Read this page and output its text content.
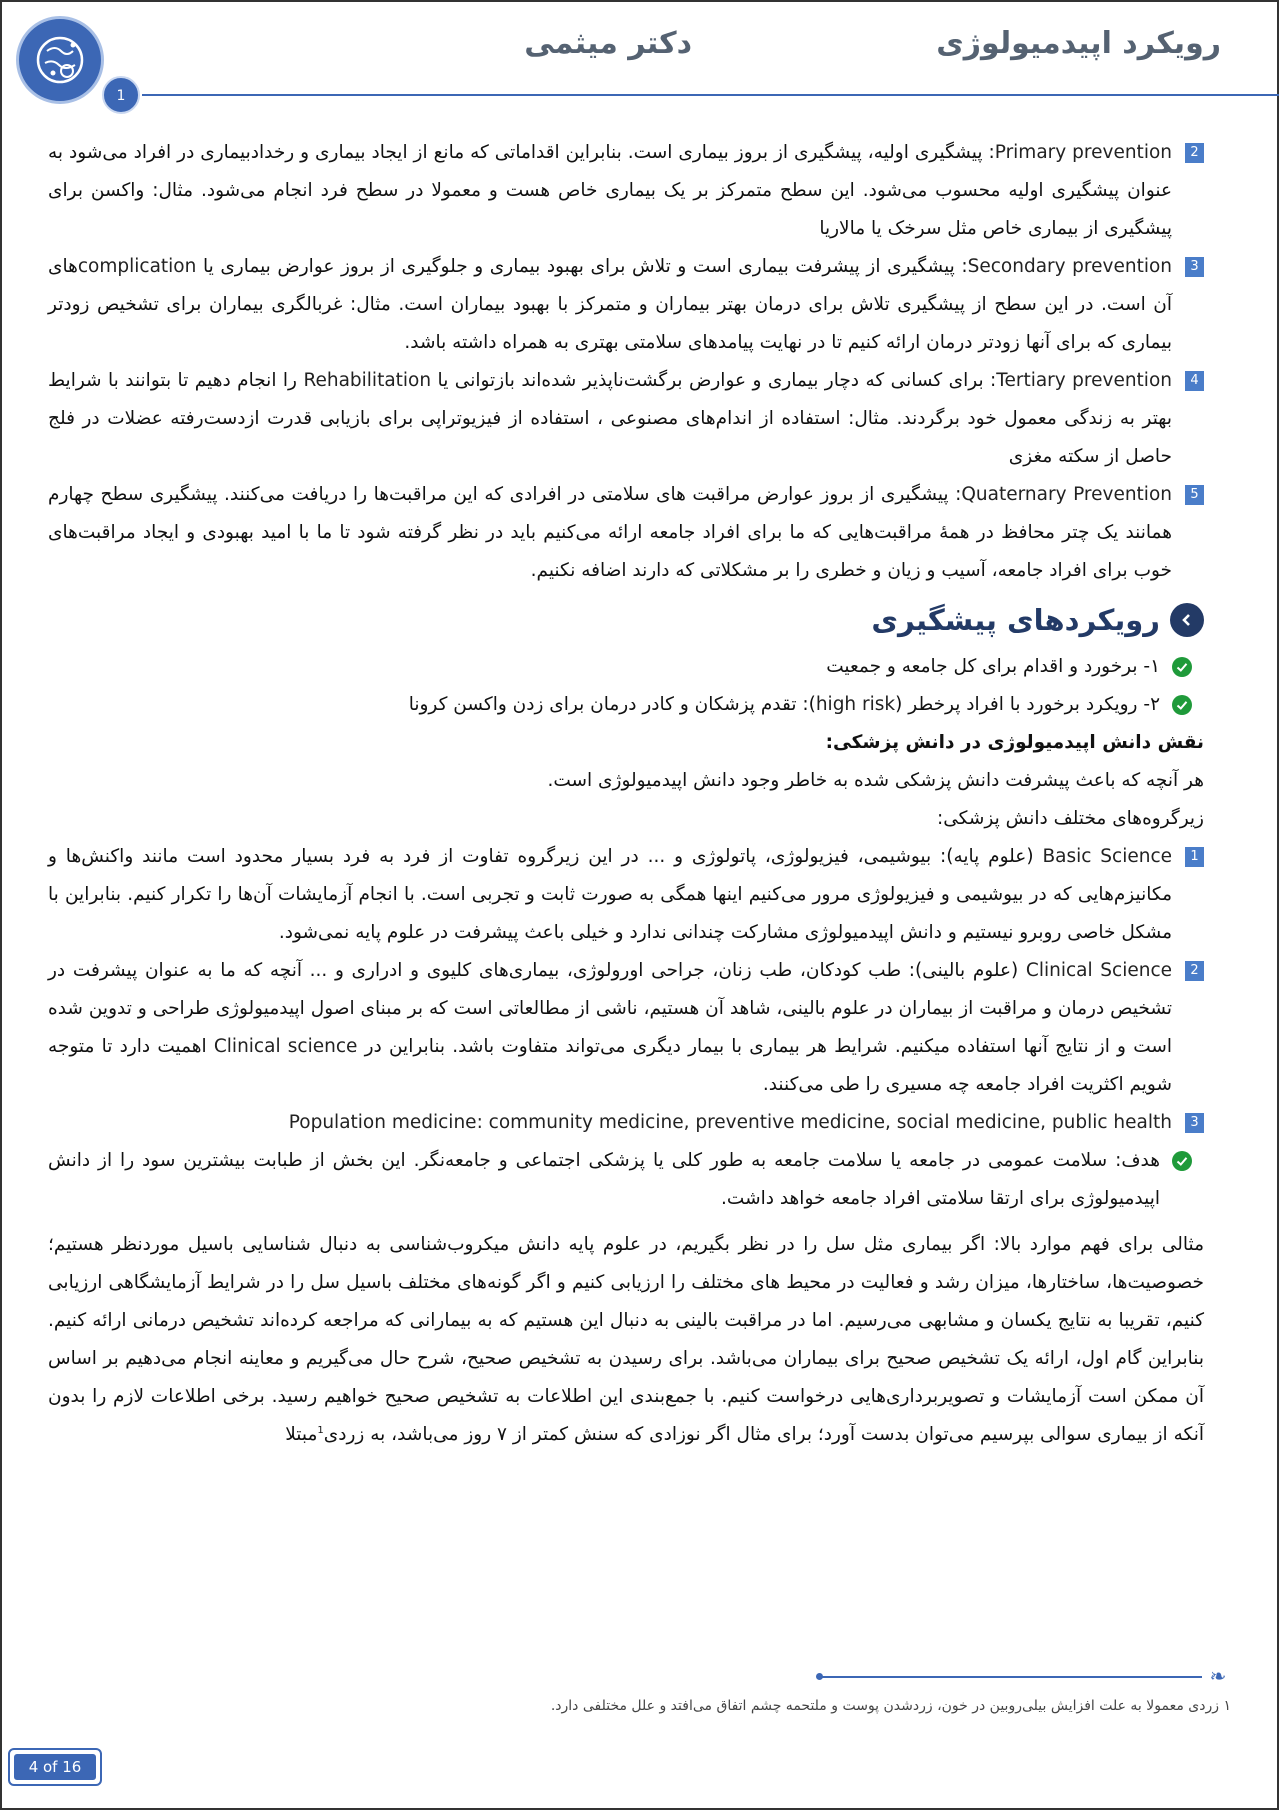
1
رویکرد اپیدمیولوژی
دکتر میثمی
2
Primary prevention: پیشگیری اولیه، پیشگیری از بروز بیماری است. بنابراین اقداماتی که مانع از ایجاد بیماری و رخدادبیماری در افراد می‌شود به عنوان پیشگیری اولیه محسوب می‌شود. این سطح متمرکز بر یک بیماری خاص هست و معمولا در سطح فرد انجام می‌شود. مثال: واکسن برای پیشگیری از بیماری خاص مثل سرخک یا مالاریا
3
Secondary prevention: پیشگیری از پیشرفت بیماری است و تلاش برای بهبود بیماری و جلوگیری از بروز عوارض بیماری یا complicationهای آن است. در این سطح از پیشگیری تلاش برای درمان بهتر بیماران و متمرکز با بهبود بیماران است. مثال: غربالگری بیماران برای تشخیص زودتر بیماری که برای آنها زودتر درمان ارائه کنیم تا در نهایت پیامدهای سلامتی بهتری به همراه داشته باشد.
4
Tertiary prevention: برای کسانی که دچار بیماری و عوارض برگشت‌ناپذیر شده‌اند بازتوانی یا Rehabilitation را انجام دهیم تا بتوانند با شرایط بهتر به زندگی معمول خود برگردند. مثال: استفاده از اندام‌های مصنوعی ، استفاده از فیزیوتراپی برای بازیابی قدرت ازدست‌رفته عضلات در فلج حاصل از سکته مغزی
5
Quaternary Prevention: پیشگیری از بروز عوارض مراقبت های سلامتی در افرادی که این مراقبت‌ها را دریافت می‌کنند. پیشگیری سطح چهارم همانند یک چتر محافظ در همۀ مراقبت‌هایی که ما برای افراد جامعه ارائه می‌کنیم باید در نظر گرفته شود تا ما با امید بهبودی و ایجاد مراقبت‌های خوب برای افراد جامعه، آسیب و زیان و خطری را بر مشکلاتی که دارند اضافه نکنیم.
رویکردهای پیشگیری
۱- برخورد و اقدام برای کل جامعه و جمعیت
۲- رویکرد برخورد با افراد پرخطر (high risk): تقدم پزشکان و کادر درمان برای زدن واکسن کرونا
نقش دانش اپیدمیولوژی در دانش پزشکی:
هر آنچه که باعث پیشرفت دانش پزشکی شده به خاطر وجود دانش اپیدمیولوژی است.
زیرگروه‌های مختلف دانش پزشکی:
1
Basic Science (علوم پایه): بیوشیمی، فیزیولوژی، پاتولوژی و ... در این زیرگروه تفاوت از فرد به فرد بسیار محدود است مانند واکنش‌ها و مکانیزم‌هایی که در بیوشیمی و فیزیولوژی مرور می‌کنیم اینها همگی به صورت ثابت و تجربی است. با انجام آزمایشات آن‌ها را تکرار کنیم. بنابراین با مشکل خاصی روبرو نیستیم و دانش اپیدمیولوژی مشارکت چندانی ندارد و خیلی باعث پیشرفت در علوم پایه نمی‌شود.
2
Clinical Science (علوم بالینی): طب کودکان، طب زنان، جراحی اورولوژی، بیماری‌های کلیوی و ادراری و ... آنچه که ما به عنوان پیشرفت در تشخیص درمان و مراقبت از بیماران در علوم بالینی، شاهد آن هستیم، ناشی از مطالعاتی است که بر مبنای اصول اپیدمیولوژی طراحی و تدوین شده است و از نتایج آنها استفاده میکنیم. شرایط هر بیماری با بیمار دیگری می‌تواند متفاوت باشد. بنابراین در Clinical science اهمیت دارد تا متوجه شویم اکثریت افراد جامعه چه مسیری را طی می‌کنند.
3
Population medicine: community medicine, preventive medicine, social medicine, public health
هدف: سلامت عمومی در جامعه یا سلامت جامعه به طور کلی یا پزشکی اجتماعی و جامعه‌نگر. این بخش از طبابت بیشترین سود را از دانش اپیدمیولوژی برای ارتقا سلامتی افراد جامعه خواهد داشت.
مثالی برای فهم موارد بالا: اگر بیماری مثل سل را در نظر بگیریم، در علوم پایه دانش میکروب‌شناسی به دنبال شناسایی باسیل موردنظر هستیم؛ خصوصیت‌ها، ساختارها، میزان رشد و فعالیت در محیط های مختلف را ارزیابی کنیم و اگر گونه‌های مختلف باسیل سل را در شرایط آزمایشگاهی ارزیابی کنیم، تقریبا به نتایج یکسان و مشابهی می‌رسیم. اما در مراقبت بالینی به دنبال این هستیم که به بیمارانی که مراجعه کرده‌اند تشخیص درمانی ارائه کنیم. بنابراین گام اول، ارائه یک تشخیص صحیح برای بیماران می‌باشد. برای رسیدن به تشخیص صحیح، شرح حال می‌گیریم و معاینه انجام می‌دهیم بر اساس آن ممکن است آزمایشات و تصویربرداری‌هایی درخواست کنیم. با جمع‌بندی این اطلاعات به تشخیص صحیح خواهیم رسید. برخی اطلاعات لازم را بدون آنکه از بیماری سوالی بپرسیم می‌توان بدست آورد؛ برای مثال اگر نوزادی که سنش کمتر از ۷ روز می‌باشد، به زردی$^1$مبتلا
❧
۱ زردی معمولا به علت افزایش بیلی‌روبین در خون، زردشدن پوست و ملتحمه چشم اتفاق می‌افتد و علل مختلفی دارد.
4 of 16
